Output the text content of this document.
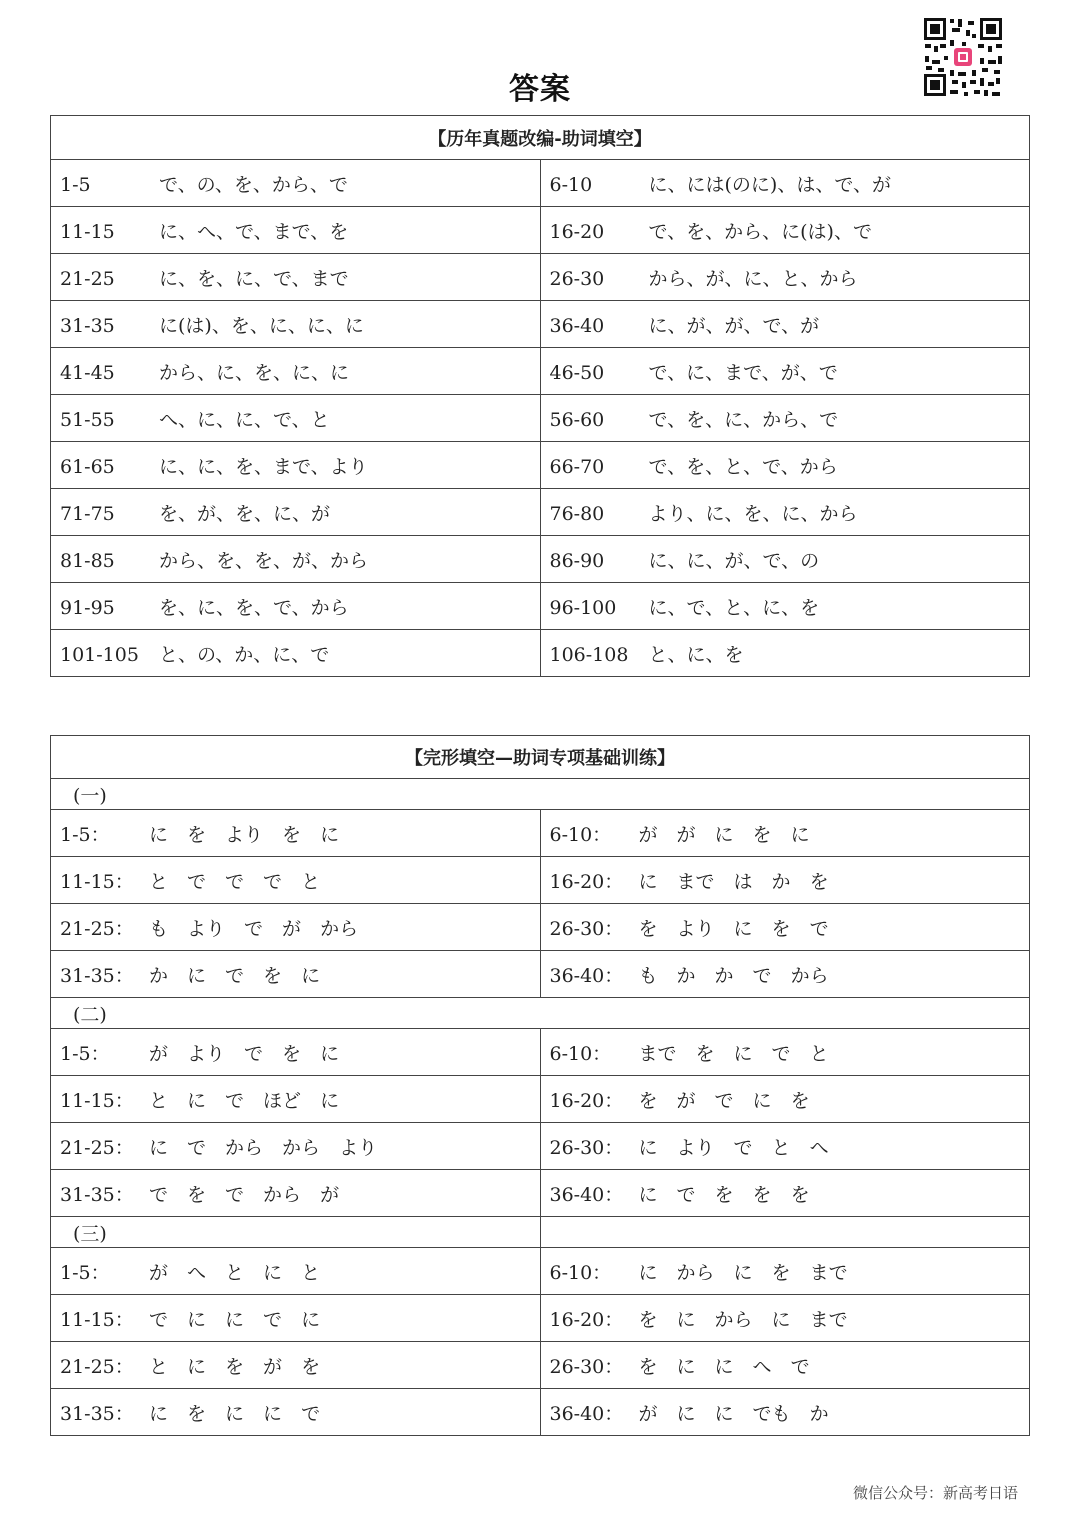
答案
【历年真题改编-助词填空】	
1-5 で、の、を、から、で	6-10 に、には(のに)、は、で、が
11-15 に、へ、で、まで、を	16-20 で、を、から、に(は)、で
21-25 に、を、に、で、まで	26-30 から、が、に、と、から
31-35 に(は)、を、に、に、に	36-40 に、が、が、で、が
41-45 から、に、を、に、に	46-50 で、に、まで、が、で
51-55 へ、に、に、で、と	56-60 で、を、に、から、で
61-65 に、に、を、まで、より	66-70 で、を、と、で、から
71-75 を、が、を、に、が	76-80 より、に、を、に、から
81-85 から、を、を、が、から	86-90 に、に、が、で、の
91-95 を、に、を、で、から	96-100 に、で、と、に、を
101-105 と、の、か、に、で	106-108 と、に、を
【完形填空—助词专项基础训练】	
(一)	
1-5： に を より を に	6-10： が が に を に
11-15： と で で で と	16-20： に まで は か を
21-25： も より で が から	26-30： を より に を で
31-35： か に で を に	36-40： も か か で から
(二)	
1-5： が より で を に	6-10： まで を に で と
11-15： と に で ほど に	16-20： を が で に を
21-25： に で から から より	26-30： に より で と へ
31-35： で を で から が	36-40： に で を を を
(三)	
1-5： が へ と に と	6-10： に から に を まで
11-15： で に に で に	16-20： を に から に まで
21-25： と に を が を	26-30： を に に へ で
31-35： に を に に で	36-40： が に に でも か
微信公众号：新高考日语
